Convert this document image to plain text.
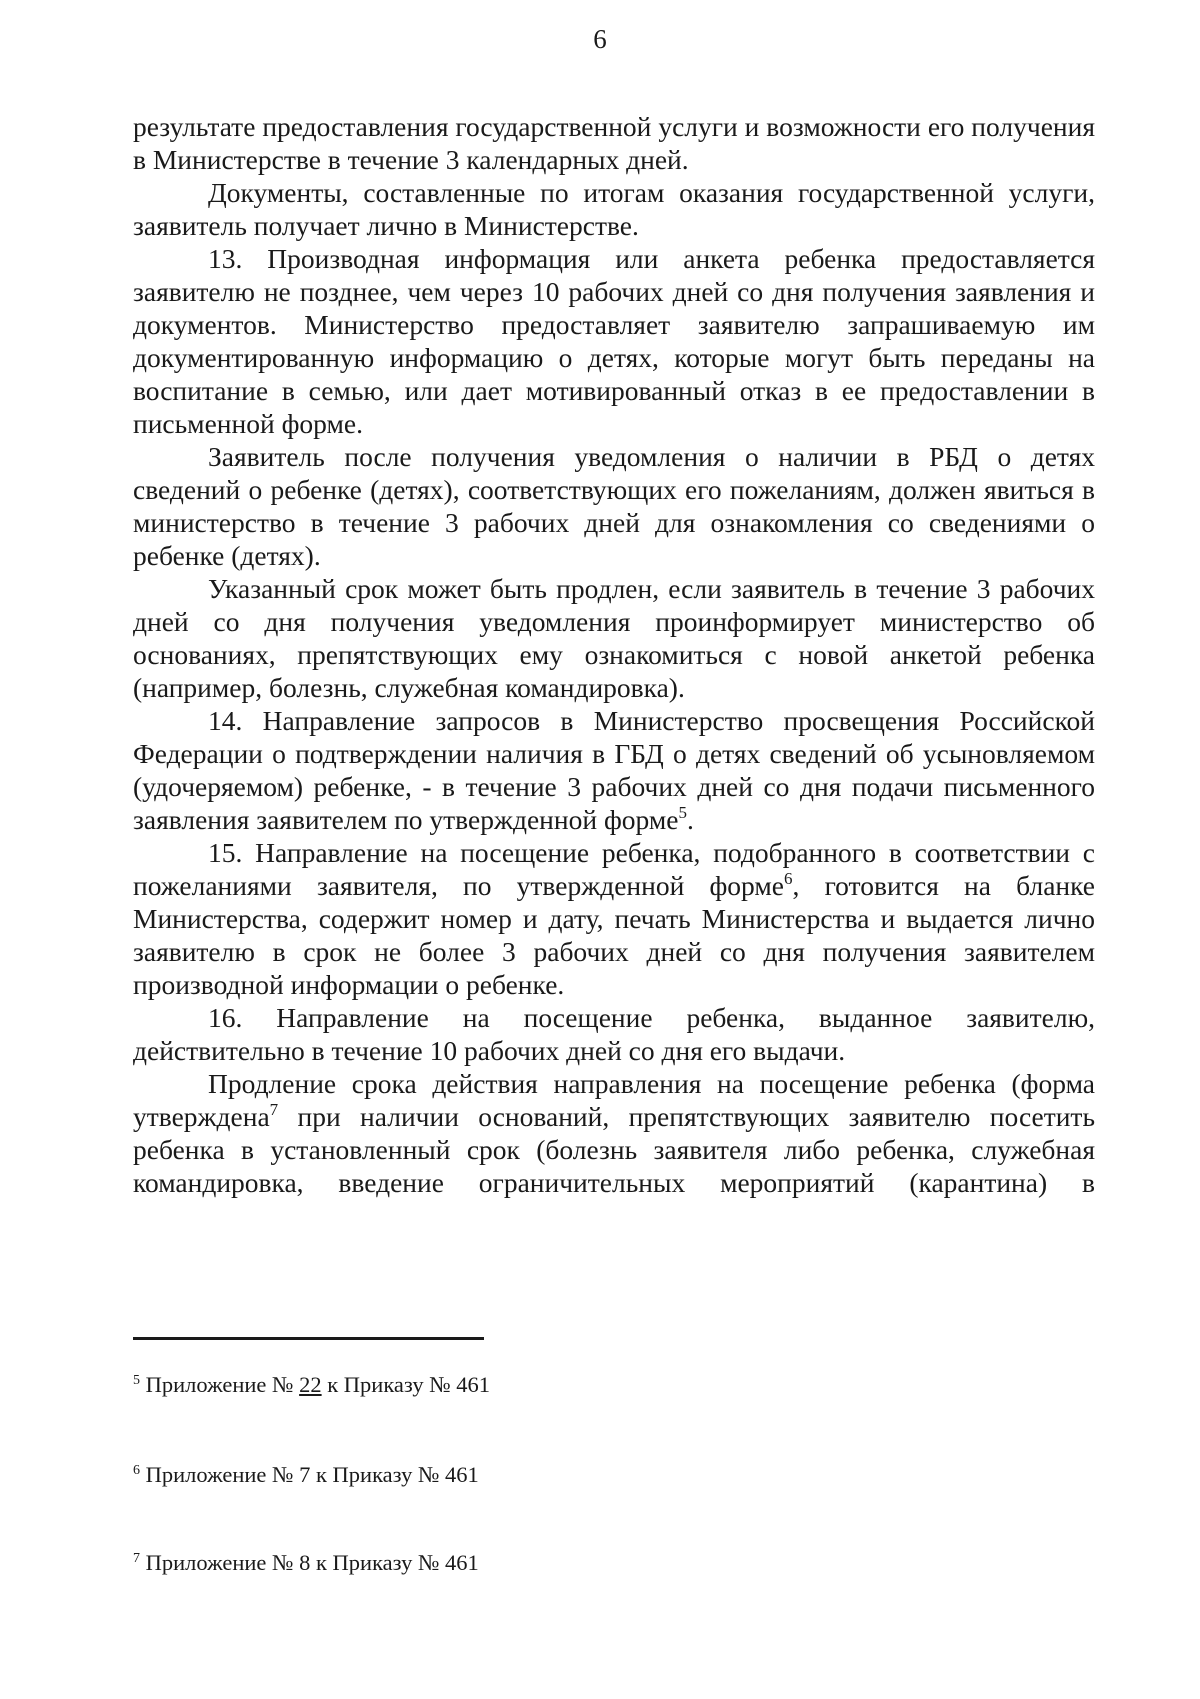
6

результате предоставления государственной услуги и возможности его получения в Министерстве в течение 3 календарных дней.

Документы, составленные по итогам оказания государственной услуги, заявитель получает лично в Министерстве.

13. Производная информация или анкета ребенка предоставляется заявителю не позднее, чем через 10 рабочих дней со дня получения заявления и документов. Министерство предоставляет заявителю запрашиваемую им документированную информацию о детях, которые могут быть переданы на воспитание в семью, или дает мотивированный отказ в ее предоставлении в письменной форме.

Заявитель после получения уведомления о наличии в РБД о детях сведений о ребенке (детях), соответствующих его пожеланиям, должен явиться в министерство в течение 3 рабочих дней для ознакомления со сведениями о ребенке (детях).

Указанный срок может быть продлен, если заявитель в течение 3 рабочих дней со дня получения уведомления проинформирует министерство об основаниях, препятствующих ему ознакомиться с новой анкетой ребенка (например, болезнь, служебная командировка).

14. Направление запросов в Министерство просвещения Российской Федерации о подтверждении наличия в ГБД о детях сведений об усыновляемом (удочеряемом) ребенке, - в течение 3 рабочих дней со дня подачи письменного заявления заявителем по утвержденной форме$^5$.

15. Направление на посещение ребенка, подобранного в соответствии с пожеланиями заявителя, по утвержденной форме$^6$, готовится на бланке Министерства, содержит номер и дату, печать Министерства и выдается лично заявителю в срок не более 3 рабочих дней со дня получения заявителем производной информации о ребенке.

16. Направление на посещение ребенка, выданное заявителю, действительно в течение 10 рабочих дней со дня его выдачи.

Продление срока действия направления на посещение ребенка (форма утверждена$^7$ при наличии оснований, препятствующих заявителю посетить ребенка в установленный срок (болезнь заявителя либо ребенка, служебная командировка, введение ограничительных мероприятий (карантина) в

$^5$ Приложение № 22 к Приказу № 461
$^6$ Приложение № 7 к Приказу № 461
$^7$ Приложение № 8 к Приказу № 461
